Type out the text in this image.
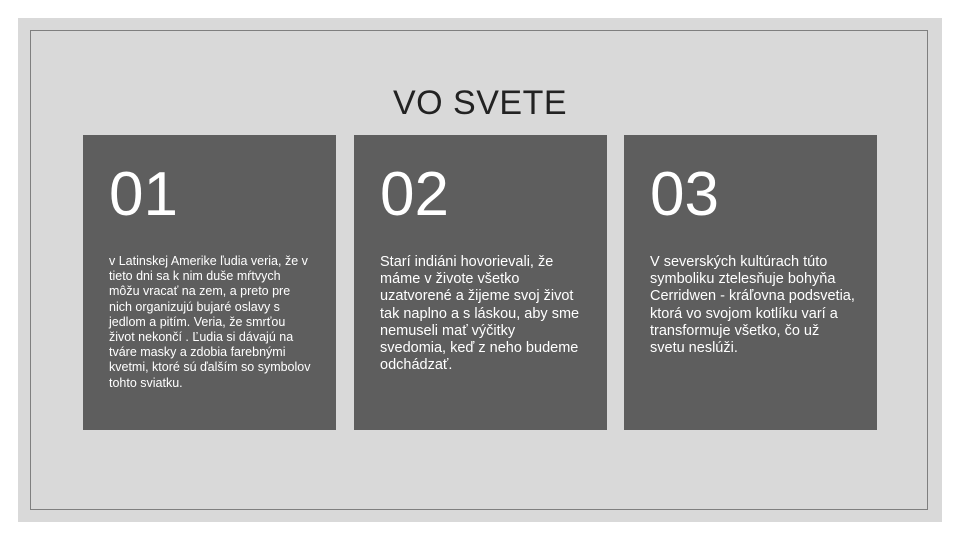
VO SVETE
01

v Latinskej Amerike ľudia veria, že v tieto dni sa k nim duše mŕtvych môžu vracať na zem, a preto pre nich organizujú bujaré oslavy s jedlom a pitím. Veria, že smrťou život nekončí . Ľudia si dávajú na tváre masky a zdobia farebnými kvetmi, ktoré sú ďalším so symbolov tohto sviatku.

02

Starí indiáni hovorievali, že máme v živote všetko uzatvorené a žijeme svoj život tak naplno a s láskou, aby sme nemuseli mať výčitky svedomia, keď z neho budeme odchádzať.

03

V severských kultúrach túto symboliku ztelesňuje bohyňa Cerridwen - kráľovna podsvetia, ktorá vo svojom kotlíku varí a transformuje všetko, čo už svetu neslúži.
